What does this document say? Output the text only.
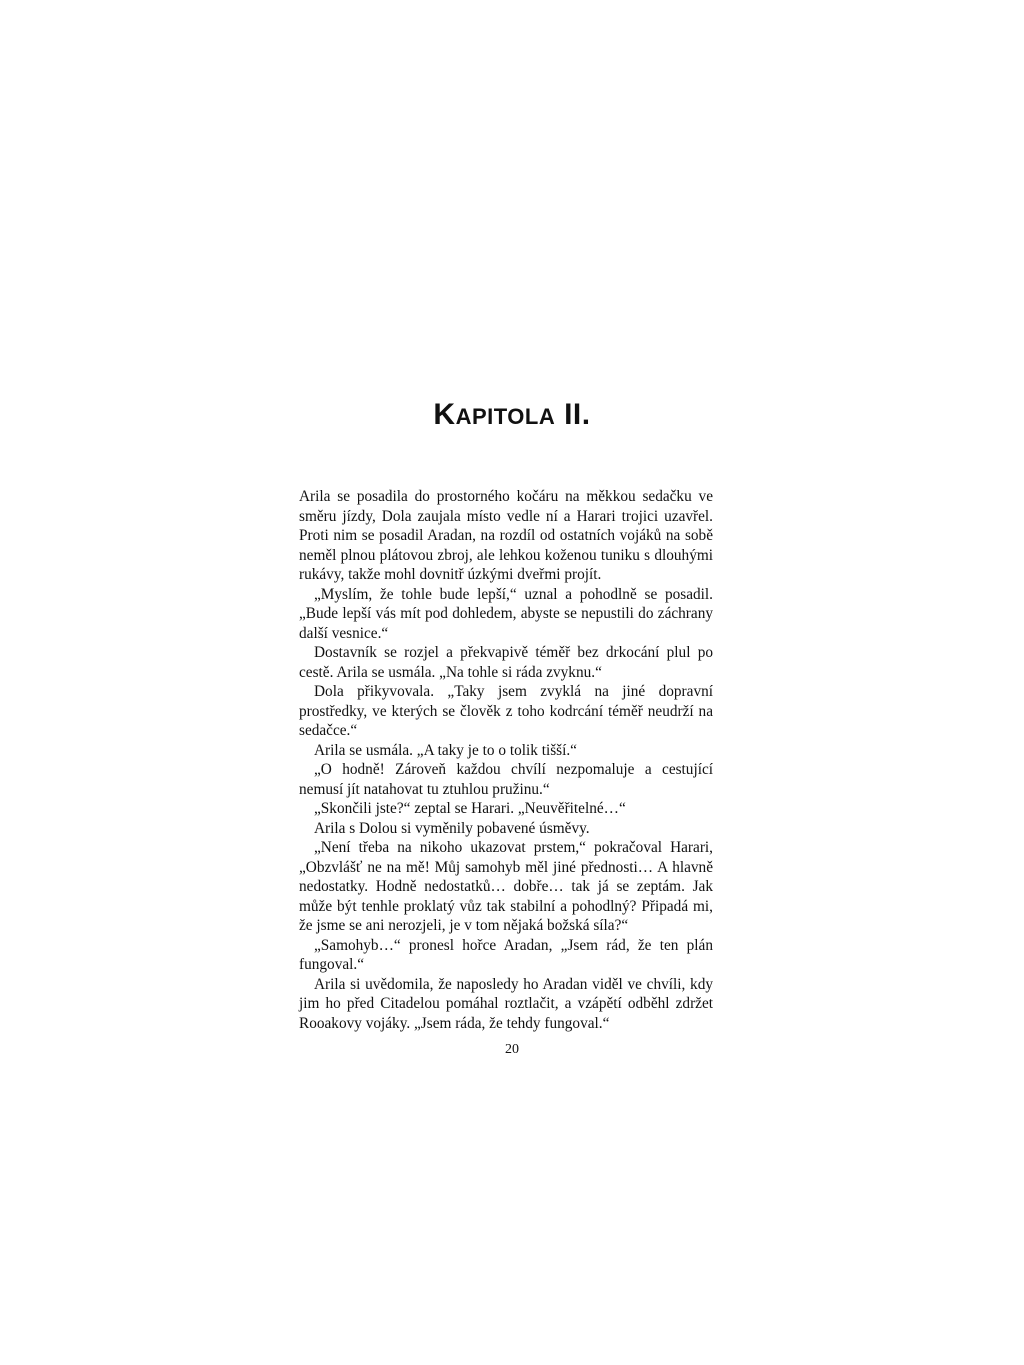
KAPITOLA II.

Arila se posadila do prostorného kočáru na měkkou sedačku ve směru jízdy, Dola zaujala místo vedle ní a Harari trojici uzavřel. Proti nim se posadil Aradan, na rozdíl od ostatních vojáků na sobě neměl plnou plátovou zbroj, ale lehkou koženou tuniku s dlouhými rukávy, takže mohl dovnitř úzkými dveřmi projít.

„Myslím, že tohle bude lepší,“ uznal a pohodlně se posadil. „Bude lepší vás mít pod dohledem, abyste se nepustili do záchrany další vesnice.“

Dostavník se rozjel a překvapivě téměř bez drkocání plul po cestě. Arila se usmála. „Na tohle si ráda zvyknu.“

Dola přikyvovala. „Taky jsem zvyklá na jiné dopravní prostředky, ve kterých se člověk z toho kodrcání téměř neudrží na sedačce.“

Arila se usmála. „A taky je to o tolik tišší.“

„O hodně! Zároveň každou chvílí nezpomaluje a cestující nemusí jít natahovat tu ztuhlou pružinu.“

„Skončili jste?“ zeptal se Harari. „Neuvěřitelné…“

Arila s Dolou si vyměnily pobavené úsměvy.

„Není třeba na nikoho ukazovat prstem,“ pokračoval Harari, „Obzvlášť ne na mě! Můj samohyb měl jiné přednosti… A hlavně nedostatky. Hodně nedostatků… dobře… tak já se zeptám. Jak může být tenhle proklatý vůz tak stabilní a pohodlný? Připadá mi, že jsme se ani nerozjeli, je v tom nějaká božská síla?“

„Samohyb…“ pronesl hořce Aradan, „Jsem rád, že ten plán fungoval.“

Arila si uvědomila, že naposledy ho Aradan viděl ve chvíli, kdy jim ho před Citadelou pomáhal roztlačit, a vzápětí odběhl zdržet Rooakovy vojáky. „Jsem ráda, že tehdy fungoval.“

20
